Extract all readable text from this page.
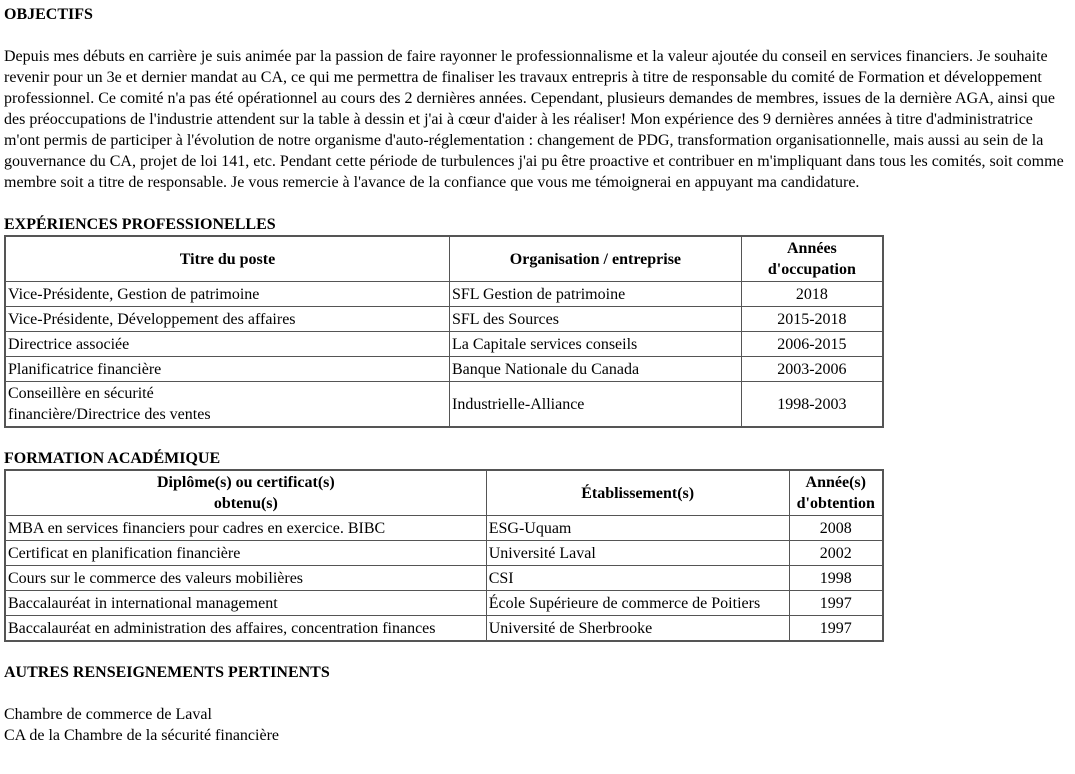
OBJECTIFS

Depuis mes débuts en carrière je suis animée par la passion de faire rayonner le professionnalisme et la valeur ajoutée du conseil en services financiers. Je souhaite revenir pour un 3e et dernier mandat au CA, ce qui me permettra de finaliser les travaux entrepris à titre de responsable du comité de Formation et développement professionnel. Ce comité n'a pas été opérationnel au cours des 2 dernières années. Cependant, plusieurs demandes de membres, issues de la dernière AGA, ainsi que des préoccupations de l'industrie attendent sur la table à dessin et j'ai à cœur d'aider à les réaliser! Mon expérience des 9 dernières années à titre d'administratrice m'ont permis de participer à l'évolution de notre organisme d'auto-réglementation : changement de PDG, transformation organisationnelle, mais aussi au sein de la gouvernance du CA, projet de loi 141, etc. Pendant cette période de turbulences j'ai pu être proactive et contribuer en m'impliquant dans tous les comités, soit comme membre soit a titre de responsable. Je vous remercie à l'avance de la confiance que vous me témoignerai en appuyant ma candidature.

EXPÉRIENCES PROFESSIONELLES
Titre du poste	Organisation / entreprise	Années d'occupation
Vice-Présidente, Gestion de patrimoine	SFL Gestion de patrimoine	2018
Vice-Présidente, Développement des affaires	SFL des Sources	2015-2018
Directrice associée	La Capitale services conseils	2006-2015
Planificatrice financière	Banque Nationale du Canada	2003-2006
Conseillère en sécurité financière/Directrice des ventes	Industrielle-Alliance	1998-2003
FORMATION ACADÉMIQUE
Diplôme(s) ou certificat(s) obtenu(s)	Établissement(s)	Année(s) d'obtention
MBA en services financiers pour cadres en exercice. BIBC	ESG-Uquam	2008
Certificat en planification financière	Université Laval	2002
Cours sur le commerce des valeurs mobilières	CSI	1998
Baccalauréat in international management	École Supérieure de commerce de Poitiers	1997
Baccalauréat en administration des affaires, concentration finances	Université de Sherbrooke	1997
AUTRES RENSEIGNEMENTS PERTINENTS
Chambre de commerce de Laval
CA de la Chambre de la sécurité financière
